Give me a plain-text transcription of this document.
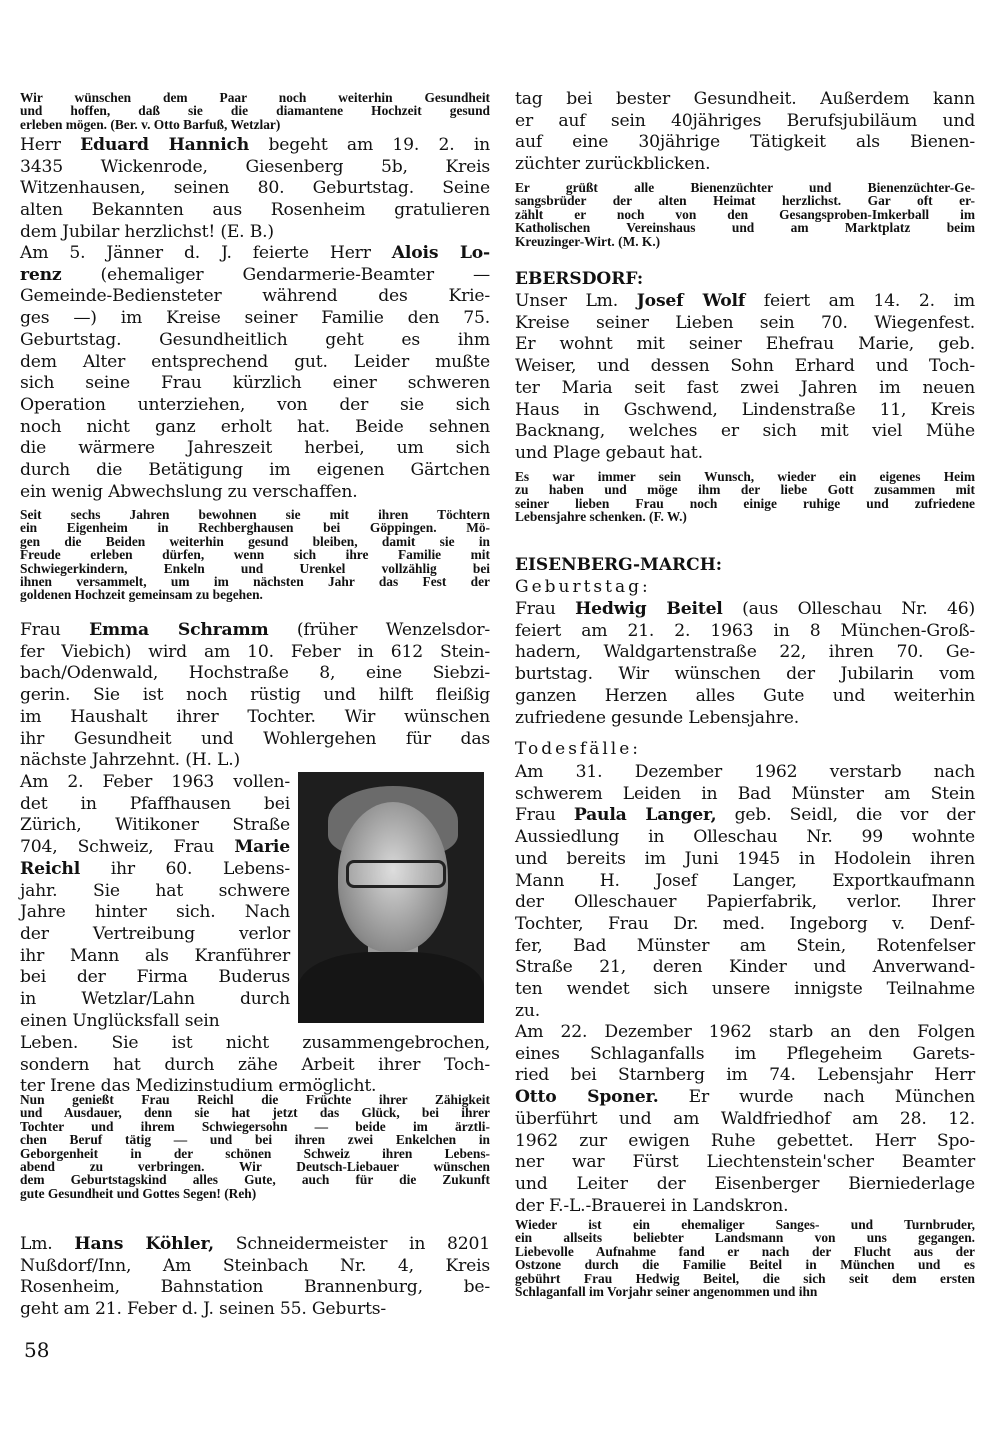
Wir wünschen dem Paar noch weiterhin Gesundheit
und hoffen, daß sie die diamantene Hochzeit gesund
erleben mögen. (Ber. v. Otto Barfuß, Wetzlar)
Herr Eduard Hannich begeht am 19. 2. in
3435 Wickenrode, Giesenberg 5b, Kreis
Witzenhausen, seinen 80. Geburtstag. Seine
alten Bekannten aus Rosenheim gratulieren
dem Jubilar herzlichst! (E. B.)
Am 5. Jänner d. J. feierte Herr Alois Lo-
renz (ehemaliger Gendarmerie-Beamter —
Gemeinde-Bediensteter während des Krie-
ges —) im Kreise seiner Familie den 75.
Geburtstag. Gesundheitlich geht es ihm
dem Alter entsprechend gut. Leider mußte
sich seine Frau kürzlich einer schweren
Operation unterziehen, von der sie sich
noch nicht ganz erholt hat. Beide sehnen
die wärmere Jahreszeit herbei, um sich
durch die Betätigung im eigenen Gärtchen
ein wenig Abwechslung zu verschaffen.
Seit sechs Jahren bewohnen sie mit ihren Töchtern
ein Eigenheim in Rechberghausen bei Göppingen. Mö-
gen die Beiden weiterhin gesund bleiben, damit sie in
Freude erleben dürfen, wenn sich ihre Familie mit
Schwiegerkindern, Enkeln und Urenkel vollzählig bei
ihnen versammelt, um im nächsten Jahr das Fest der
goldenen Hochzeit gemeinsam zu begehen.
Frau Emma Schramm (früher Wenzelsdor-
fer Viebich) wird am 10. Feber in 612 Stein-
bach/Odenwald, Hochstraße 8, eine Siebzi-
gerin. Sie ist noch rüstig und hilft fleißig
im Haushalt ihrer Tochter. Wir wünschen
ihr Gesundheit und Wohlergehen für das
nächste Jahrzehnt. (H. L.)
Am 2. Feber 1963 vollen-
det in Pfaffhausen bei
Zürich, Witikoner Straße
704, Schweiz, Frau Marie
Reichl ihr 60. Lebens-
jahr. Sie hat schwere
Jahre hinter sich. Nach
der Vertreibung verlor
ihr Mann als Kranführer
bei der Firma Buderus
in Wetzlar/Lahn durch
einen Unglücksfall sein
Leben. Sie ist nicht zusammengebrochen,
sondern hat durch zähe Arbeit ihrer Toch-
ter Irene das Medizinstudium ermöglicht.
Nun genießt Frau Reichl die Früchte ihrer Zähigkeit
und Ausdauer, denn sie hat jetzt das Glück, bei ihrer
Tochter und ihrem Schwiegersohn — beide im ärztli-
chen Beruf tätig — und bei ihren zwei Enkelchen in
Geborgenheit in der schönen Schweiz ihren Lebens-
abend zu verbringen. Wir Deutsch-Liebauer wünschen
dem Geburtstagskind alles Gute, auch für die Zukunft
gute Gesundheit und Gottes Segen! (Reh)
Lm. Hans Köhler, Schneidermeister in 8201
Nußdorf/Inn, Am Steinbach Nr. 4, Kreis
Rosenheim, Bahnstation Brannenburg, be-
geht am 21. Feber d. J. seinen 55. Geburts-
tag bei bester Gesundheit. Außerdem kann
er auf sein 40jähriges Berufsjubiläum und
auf eine 30jährige Tätigkeit als Bienen-
züchter zurückblicken.
Er grüßt alle Bienenzüchter und Bienenzüchter-Ge-
sangsbrüder der alten Heimat herzlichst. Gar oft er-
zählt er noch von den Gesangsproben-Imkerball im
Katholischen Vereinshaus und am Marktplatz beim
Kreuzinger-Wirt. (M. K.)
EBERSDORF:
Unser Lm. Josef Wolf feiert am 14. 2. im
Kreise seiner Lieben sein 70. Wiegenfest.
Er wohnt mit seiner Ehefrau Marie, geb.
Weiser, und dessen Sohn Erhard und Toch-
ter Maria seit fast zwei Jahren im neuen
Haus in Gschwend, Lindenstraße 11, Kreis
Backnang, welches er sich mit viel Mühe
und Plage gebaut hat.
Es war immer sein Wunsch, wieder ein eigenes Heim
zu haben und möge ihm der liebe Gott zusammen mit
seiner lieben Frau noch einige ruhige und zufriedene
Lebensjahre schenken. (F. W.)
EISENBERG-MARCH:
Geburtstag:
Frau Hedwig Beitel (aus Olleschau Nr. 46)
feiert am 21. 2. 1963 in 8 München-Groß-
hadern, Waldgartenstraße 22, ihren 70. Ge-
burtstag. Wir wünschen der Jubilarin vom
ganzen Herzen alles Gute und weiterhin
zufriedene gesunde Lebensjahre.
Todesfälle:
Am 31. Dezember 1962 verstarb nach
schwerem Leiden in Bad Münster am Stein
Frau Paula Langer, geb. Seidl, die vor der
Aussiedlung in Olleschau Nr. 99 wohnte
und bereits im Juni 1945 in Hodolein ihren
Mann H. Josef Langer, Exportkaufmann
der Olleschauer Papierfabrik, verlor. Ihrer
Tochter, Frau Dr. med. Ingeborg v. Denf-
fer, Bad Münster am Stein, Rotenfelser
Straße 21, deren Kinder und Anverwand-
ten wendet sich unsere innigste Teilnahme
zu.
Am 22. Dezember 1962 starb an den Folgen
eines Schlaganfalls im Pflegeheim Garets-
ried bei Starnberg im 74. Lebensjahr Herr
Otto Sponer. Er wurde nach München
überführt und am Waldfriedhof am 28. 12.
1962 zur ewigen Ruhe gebettet. Herr Spo-
ner war Fürst Liechtenstein'scher Beamter
und Leiter der Eisenberger Bierniederlage
der F.-L.-Brauerei in Landskron.
Wieder ist ein ehemaliger Sanges- und Turnbruder,
ein allseits beliebter Landsmann von uns gegangen.
Liebevolle Aufnahme fand er nach der Flucht aus der
Ostzone durch die Familie Beitel in München und es
gebührt Frau Hedwig Beitel, die sich seit dem ersten
Schlaganfall im Vorjahr seiner angenommen und ihn
58
